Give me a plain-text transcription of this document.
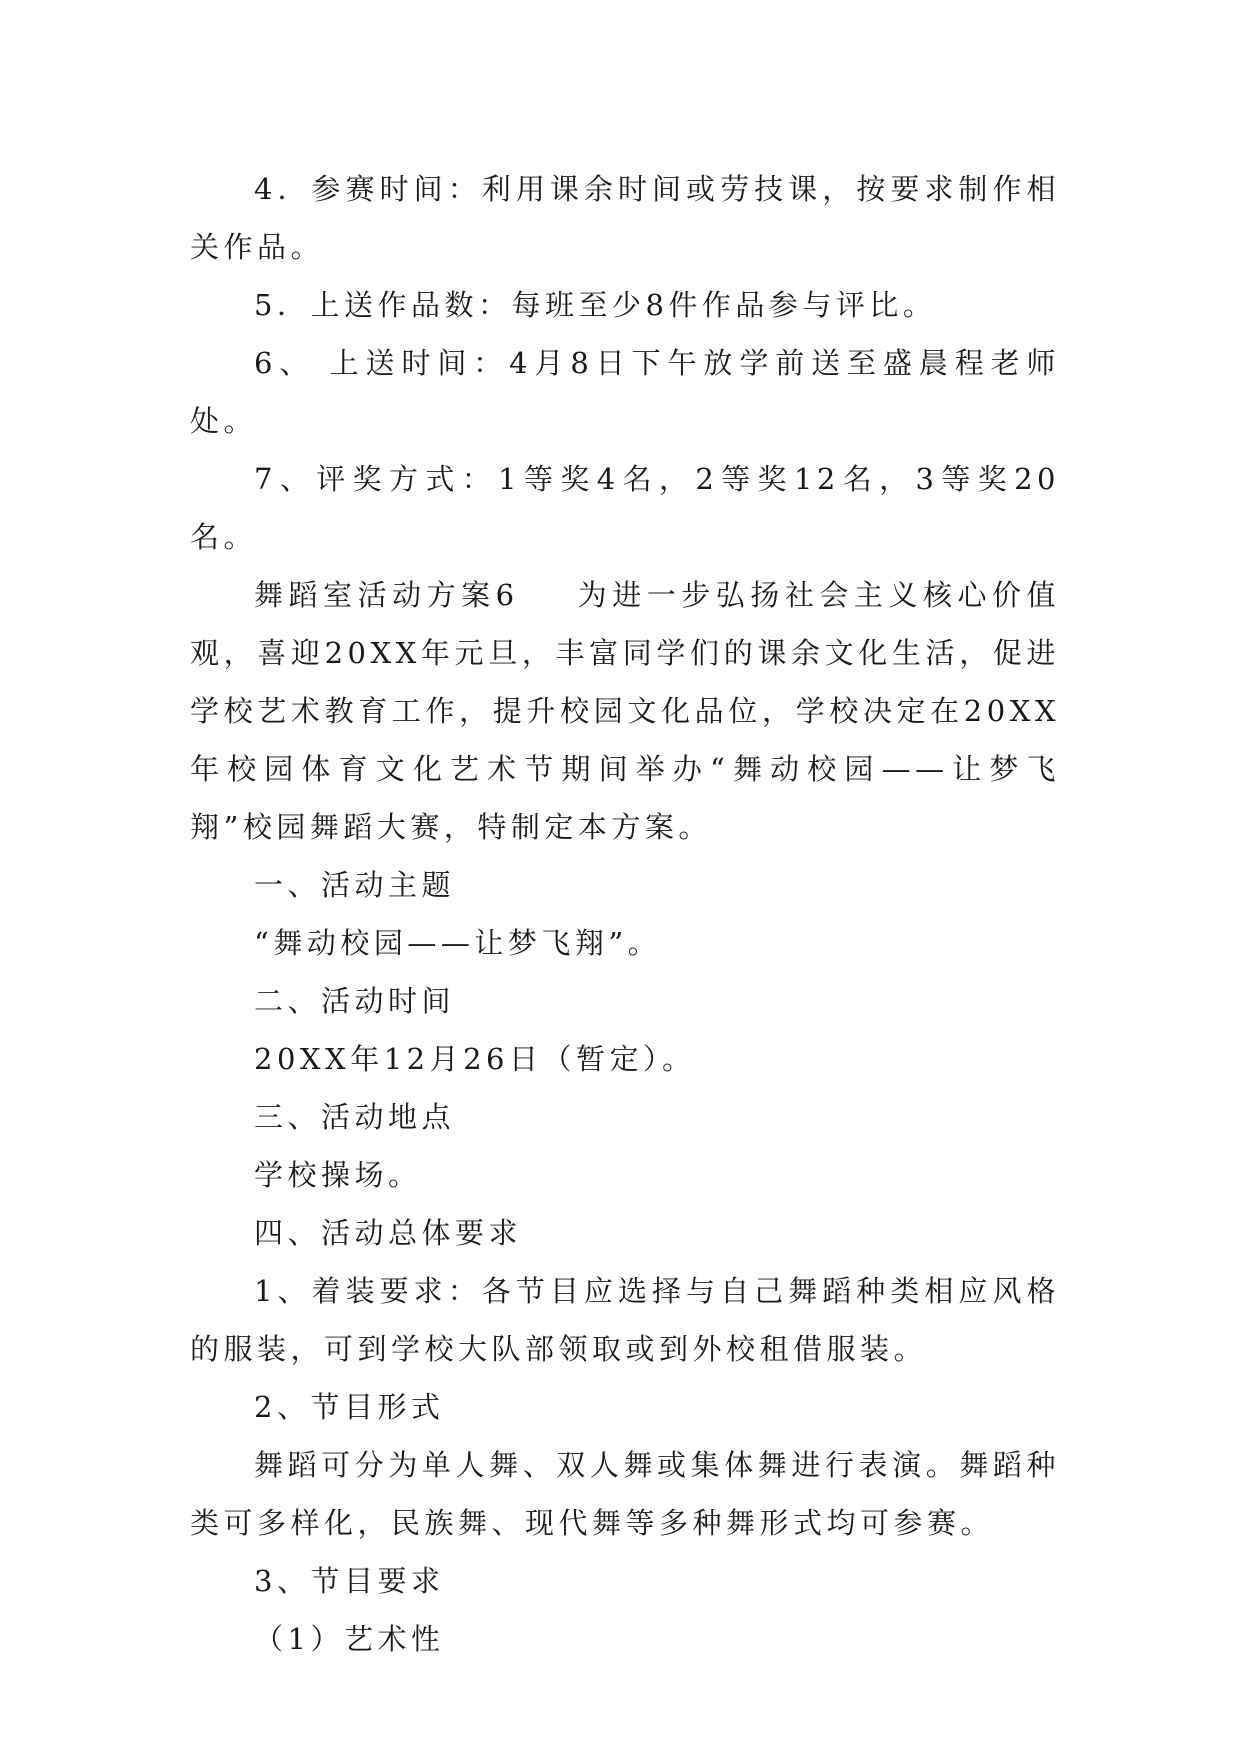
4．参赛时间：利用课余时间或劳技课，按要求制作相关作品。

5．上送作品数：每班至少8件作品参与评比。

6、 上送时间：4月8日下午放学前送至盛晨程老师处。

7、评奖方式：1等奖4名，2等奖12名，3等奖20名。

舞蹈室活动方案6 为进一步弘扬社会主义核心价值观，喜迎20XX年元旦，丰富同学们的课余文化生活，促进学校艺术教育工作，提升校园文化品位，学校决定在20XX年校园体育文化艺术节期间举办“舞动校园——让梦飞翔”校园舞蹈大赛，特制定本方案。

一、活动主题

“舞动校园——让梦飞翔”。

二、活动时间

20XX年12月26日（暂定）。

三、活动地点

学校操场。

四、活动总体要求

1、着装要求：各节目应选择与自己舞蹈种类相应风格的服装，可到学校大队部领取或到外校租借服装。

2、节目形式

舞蹈可分为单人舞、双人舞或集体舞进行表演。舞蹈种类可多样化，民族舞、现代舞等多种舞形式均可参赛。

3、节目要求

（1）艺术性
